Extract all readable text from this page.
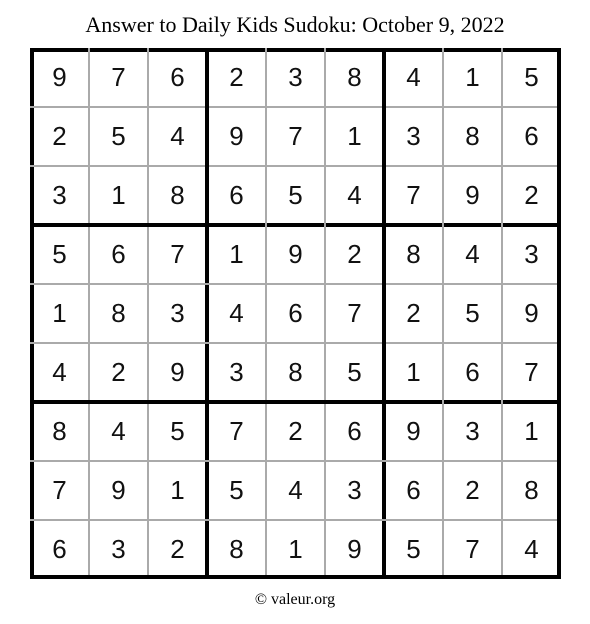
Answer to Daily Kids Sudoku: October 9, 2022
9	7	6	2	3	8	4	1	5
2	5	4	9	7	1	3	8	6
3	1	8	6	5	4	7	9	2
5	6	7	1	9	2	8	4	3
1	8	3	4	6	7	2	5	9
4	2	9	3	8	5	1	6	7
8	4	5	7	2	6	9	3	1
7	9	1	5	4	3	6	2	8
6	3	2	8	1	9	5	7	4
© valeur.org
